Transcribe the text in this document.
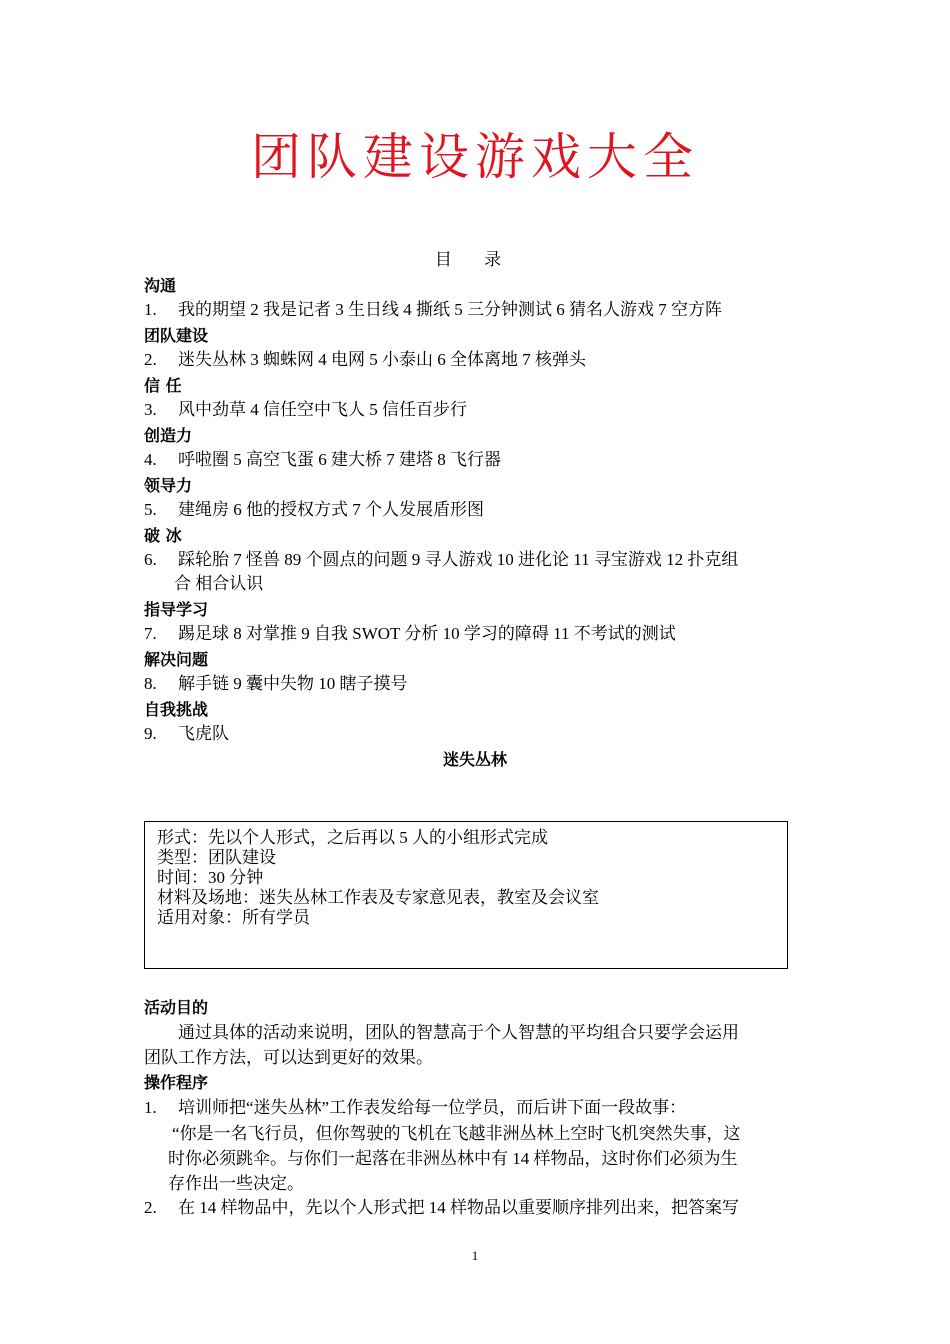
团队建设游戏大全
目 录
沟通
1. 我的期望 2 我是记者 3 生日线 4 撕纸 5 三分钟测试 6 猜名人游戏 7 空方阵
团队建设
2. 迷失丛林 3 蜘蛛网 4 电网 5 小泰山 6 全体离地 7 核弹头
信 任
3. 风中劲草 4 信任空中飞人 5 信任百步行
创造力
4. 呼啦圈 5 高空飞蛋 6 建大桥 7 建塔 8 飞行器
领导力
5. 建绳房 6 他的授权方式 7 个人发展盾形图
破 冰
6. 踩轮胎 7 怪兽 89 个圆点的问题 9 寻人游戏 10 进化论 11 寻宝游戏 12 扑克组
合 相合认识
指导学习
7. 踢足球 8 对掌推 9 自我 SWOT 分析 10 学习的障碍 11 不考试的测试
解决问题
8. 解手链 9 囊中失物 10 瞎子摸号
自我挑战
9. 飞虎队
迷失丛林
形式：先以个人形式，之后再以 5 人的小组形式完成
类型：团队建设
时间：30 分钟
材料及场地：迷失丛林工作表及专家意见表，教室及会议室
适用对象：所有学员
活动目的
通过具体的活动来说明，团队的智慧高于个人智慧的平均组合只要学会运用
团队工作方法，可以达到更好的效果。
操作程序
1. 培训师把“迷失丛林”工作表发给每一位学员，而后讲下面一段故事：
“你是一名飞行员，但你驾驶的飞机在飞越非洲丛林上空时飞机突然失事，这
时你必须跳伞。与你们一起落在非洲丛林中有 14 样物品，这时你们必须为生
存作出一些决定。
2. 在 14 样物品中，先以个人形式把 14 样物品以重要顺序排列出来，把答案写
1
